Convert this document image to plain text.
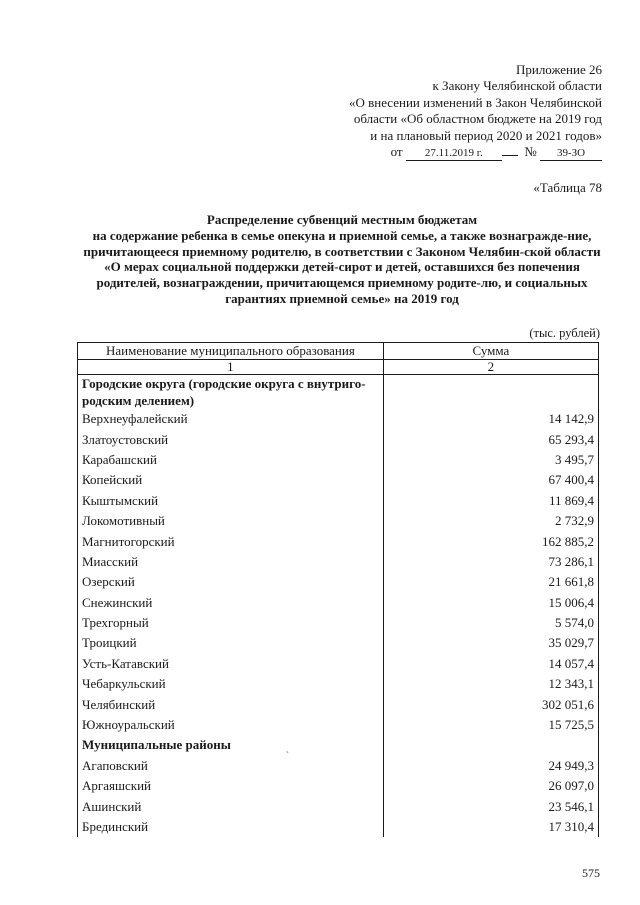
Приложение 26
к Закону Челябинской области
«О внесении изменений в Закон Челябинской
области «Об областном бюджете на 2019 год
и на плановый период 2020 и 2021 годов»
от 27.11.2019 г.	№ 39-ЗО
«Таблица 78
Распределение субвенций местным бюджетам
на содержание ребенка в семье опекуна и приемной семье, а также вознагражде-ние, причитающееся приемному родителю, в соответствии с Законом Челябин-ской области «О мерах социальной поддержки детей-сирот и детей, оставшихся без попечения родителей, вознаграждении, причитающемся приемному родите-лю, и социальных гарантиях приемной семье» на 2019 год
(тыс. рублей)
Наименование муниципального образования	Сумма
1	2
Городские округа (городские округа с внутриго-родским делением)	
Верхнеуфалейский	14 142,9
Златоустовский	65 293,4
Карабашский	3 495,7
Копейский	67 400,4
Кыштымский	11 869,4
Локомотивный	2 732,9
Магнитогорский	162 885,2
Миасский	73 286,1
Озерский	21 661,8
Снежинский	15 006,4
Трехгорный	5 574,0
Троицкий	35 029,7
Усть-Катавский	14 057,4
Чебаркульский	12 343,1
Челябинский	302 051,6
Южноуральский	15 725,5
Муниципальные районы	
Агаповский	24 949,3
Аргаяшский	26 097,0
Ашинский	23 546,1
Брединский	17 310,4
ˎ
575
